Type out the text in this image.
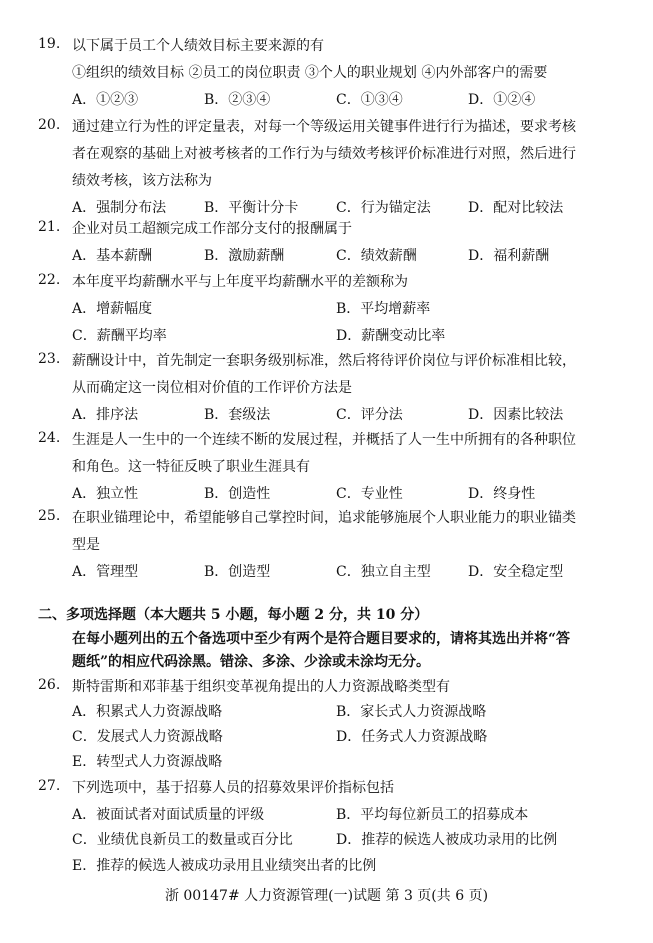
19. 以下属于员工个人绩效目标主要来源的有
①组织的绩效目标 ②员工的岗位职责 ③个人的职业规划 ④内外部客户的需要
A．①②③	B．②③④	C．①③④	D．①②④
20. 通过建立行为性的评定量表，对每一个等级运用关键事件进行行为描述，要求考核
者在观察的基础上对被考核者的工作行为与绩效考核评价标准进行对照，然后进行
绩效考核，该方法称为
A．强制分布法	B．平衡计分卡	C．行为锚定法	D．配对比较法
21. 企业对员工超额完成工作部分支付的报酬属于
A．基本薪酬	B．激励薪酬	C．绩效薪酬	D．福利薪酬
22. 本年度平均薪酬水平与上年度平均薪酬水平的差额称为
A．增薪幅度	B．平均增薪率
C．薪酬平均率	D．薪酬变动比率
23. 薪酬设计中，首先制定一套职务级别标准，然后将待评价岗位与评价标准相比较，
从而确定这一岗位相对价值的工作评价方法是
A．排序法	B．套级法	C．评分法	D．因素比较法
24. 生涯是人一生中的一个连续不断的发展过程，并概括了人一生中所拥有的各种职位
和角色。这一特征反映了职业生涯具有
A．独立性	B．创造性	C．专业性	D．终身性
25. 在职业锚理论中，希望能够自己掌控时间，追求能够施展个人职业能力的职业锚类
型是
A．管理型	B．创造型	C．独立自主型	D．安全稳定型
二、多项选择题（本大题共 5 小题，每小题 2 分，共 10 分）
在每小题列出的五个备选项中至少有两个是符合题目要求的，请将其选出并将“答
题纸”的相应代码涂黑。错涂、多涂、少涂或未涂均无分。
26. 斯特雷斯和邓菲基于组织变革视角提出的人力资源战略类型有
A．积累式人力资源战略	B．家长式人力资源战略
C．发展式人力资源战略	D．任务式人力资源战略
E．转型式人力资源战略
27. 下列选项中，基于招募人员的招募效果评价指标包括
A．被面试者对面试质量的评级	B．平均每位新员工的招募成本
C．业绩优良新员工的数量或百分比	D．推荐的候选人被成功录用的比例
E．推荐的候选人被成功录用且业绩突出者的比例
浙 00147# 人力资源管理(一)试题 第 3 页(共 6 页)
